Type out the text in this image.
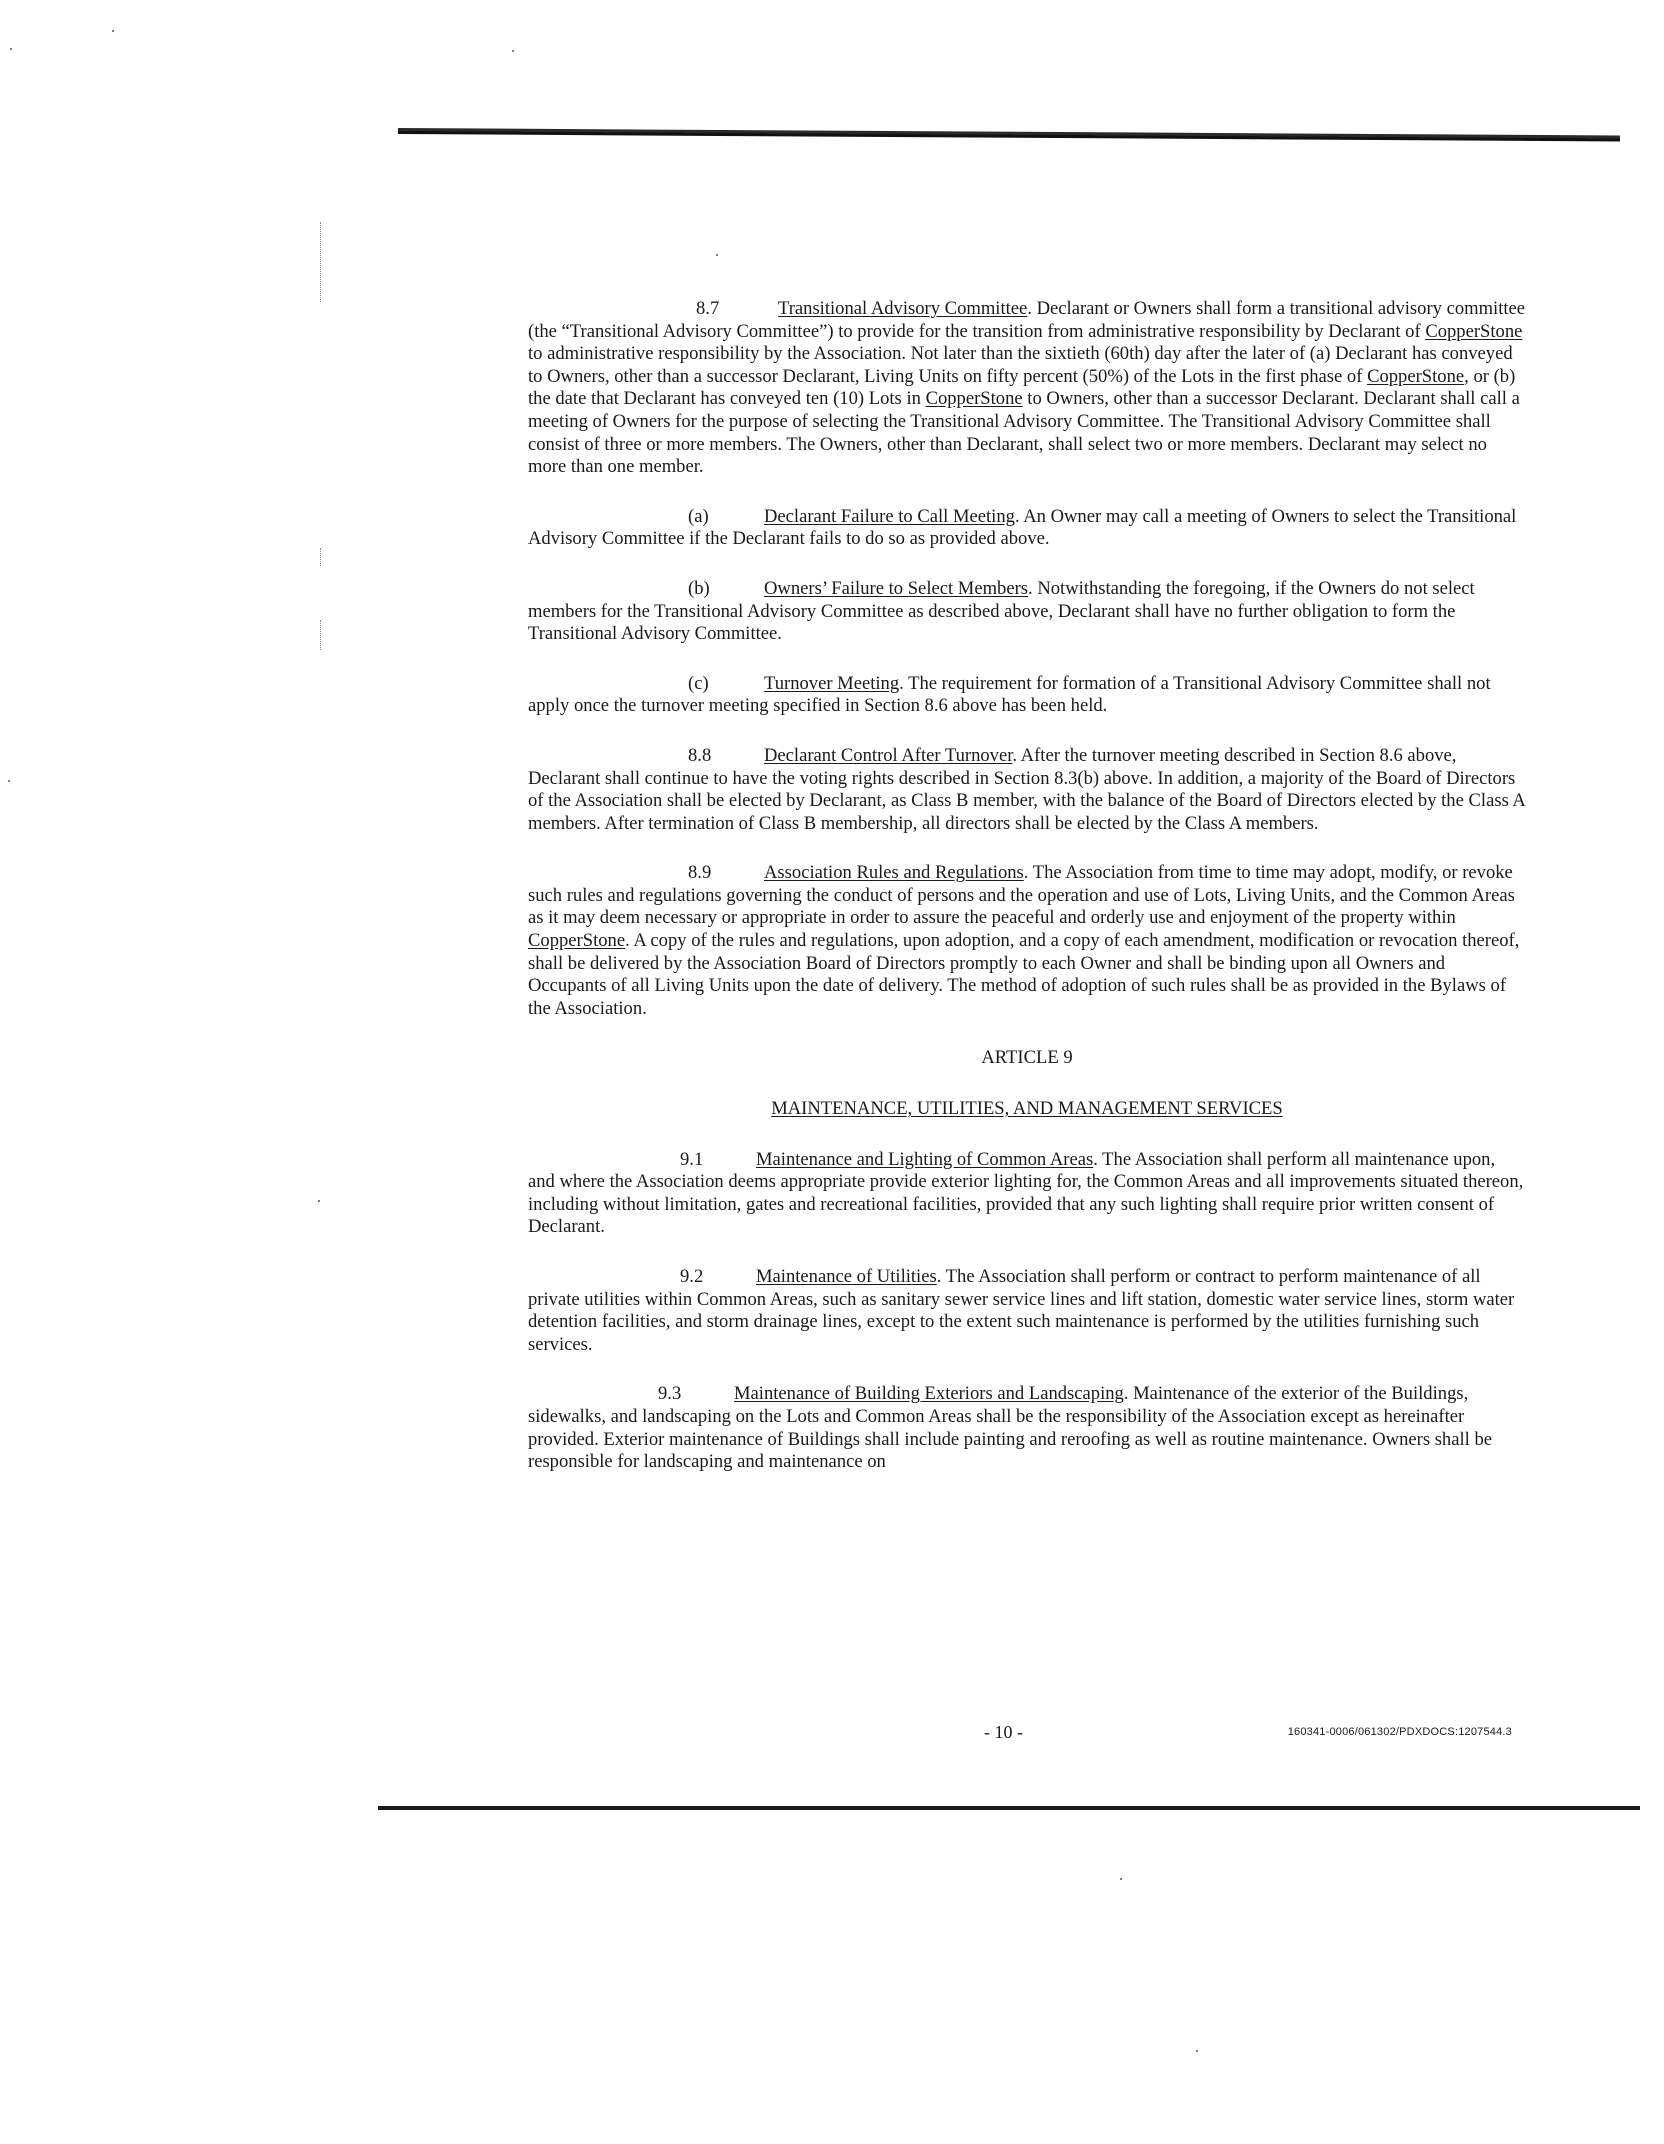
8.7	Transitional Advisory Committee. Declarant or Owners shall form a transitional advisory committee (the “Transitional Advisory Committee”) to provide for the transition from administrative responsibility by Declarant of CopperStone to administrative responsibility by the Association. Not later than the sixtieth (60th) day after the later of (a) Declarant has conveyed to Owners, other than a successor Declarant, Living Units on fifty percent (50%) of the Lots in the first phase of CopperStone, or (b) the date that Declarant has conveyed ten (10) Lots in CopperStone to Owners, other than a successor Declarant. Declarant shall call a meeting of Owners for the purpose of selecting the Transitional Advisory Committee. The Transitional Advisory Committee shall consist of three or more members. The Owners, other than Declarant, shall select two or more members. Declarant may select no more than one member.

(a)	Declarant Failure to Call Meeting. An Owner may call a meeting of Owners to select the Transitional Advisory Committee if the Declarant fails to do so as provided above.

(b)	Owners’ Failure to Select Members. Notwithstanding the foregoing, if the Owners do not select members for the Transitional Advisory Committee as described above, Declarant shall have no further obligation to form the Transitional Advisory Committee.

(c)	Turnover Meeting. The requirement for formation of a Transitional Advisory Committee shall not apply once the turnover meeting specified in Section 8.6 above has been held.

8.8	Declarant Control After Turnover. After the turnover meeting described in Section 8.6 above, Declarant shall continue to have the voting rights described in Section 8.3(b) above. In addition, a majority of the Board of Directors of the Association shall be elected by Declarant, as Class B member, with the balance of the Board of Directors elected by the Class A members. After termination of Class B membership, all directors shall be elected by the Class A members.

8.9	Association Rules and Regulations. The Association from time to time may adopt, modify, or revoke such rules and regulations governing the conduct of persons and the operation and use of Lots, Living Units, and the Common Areas as it may deem necessary or appropriate in order to assure the peaceful and orderly use and enjoyment of the property within CopperStone. A copy of the rules and regulations, upon adoption, and a copy of each amendment, modification or revocation thereof, shall be delivered by the Association Board of Directors promptly to each Owner and shall be binding upon all Owners and Occupants of all Living Units upon the date of delivery. The method of adoption of such rules shall be as provided in the Bylaws of the Association.

ARTICLE 9

MAINTENANCE, UTILITIES, AND MANAGEMENT SERVICES

9.1	Maintenance and Lighting of Common Areas. The Association shall perform all maintenance upon, and where the Association deems appropriate provide exterior lighting for, the Common Areas and all improvements situated thereon, including without limitation, gates and recreational facilities, provided that any such lighting shall require prior written consent of Declarant.

9.2	Maintenance of Utilities. The Association shall perform or contract to perform maintenance of all private utilities within Common Areas, such as sanitary sewer service lines and lift station, domestic water service lines, storm water detention facilities, and storm drainage lines, except to the extent such maintenance is performed by the utilities furnishing such services.

9.3	Maintenance of Building Exteriors and Landscaping. Maintenance of the exterior of the Buildings, sidewalks, and landscaping on the Lots and Common Areas shall be the responsibility of the Association except as hereinafter provided. Exterior maintenance of Buildings shall include painting and reroofing as well as routine maintenance. Owners shall be responsible for landscaping and maintenance on

- 10 -	160341-0006/061302/PDXDOCS:1207544.3
